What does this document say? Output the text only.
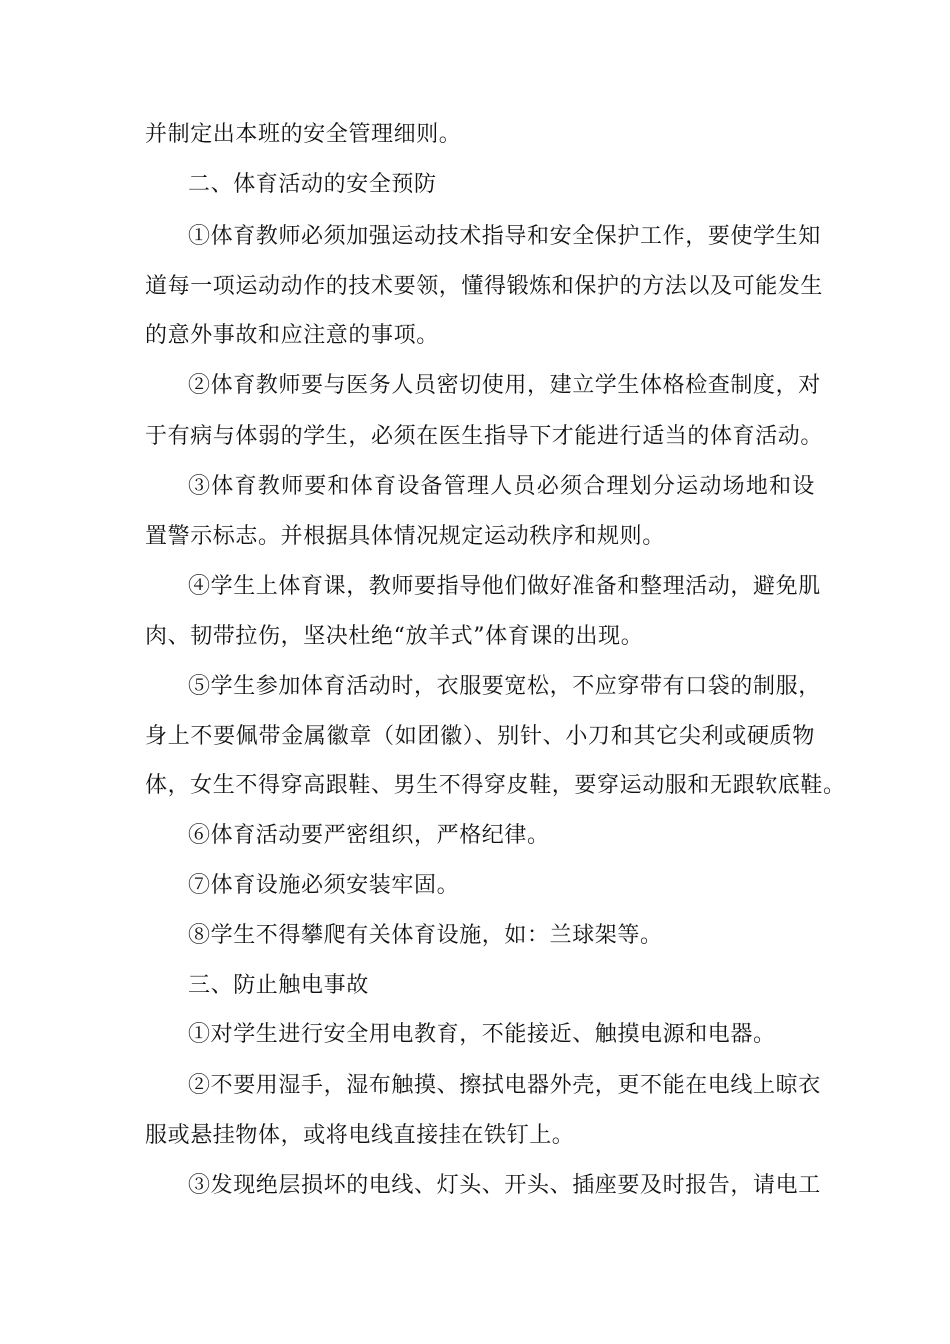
并制定出本班的安全管理细则。
二、体育活动的安全预防
①体育教师必须加强运动技术指导和安全保护工作，要使学生知
道每一项运动动作的技术要领，懂得锻炼和保护的方法以及可能发生
的意外事故和应注意的事项。
②体育教师要与医务人员密切使用，建立学生体格检查制度，对
于有病与体弱的学生，必须在医生指导下才能进行适当的体育活动。
③体育教师要和体育设备管理人员必须合理划分运动场地和设
置警示标志。并根据具体情况规定运动秩序和规则。
④学生上体育课，教师要指导他们做好准备和整理活动，避免肌
肉、韧带拉伤，坚决杜绝“放羊式”体育课的出现。
⑤学生参加体育活动时，衣服要宽松，不应穿带有口袋的制服，
身上不要佩带金属徽章（如团徽）、别针、小刀和其它尖利或硬质物
体，女生不得穿高跟鞋、男生不得穿皮鞋，要穿运动服和无跟软底鞋。
⑥体育活动要严密组织，严格纪律。
⑦体育设施必须安装牢固。
⑧学生不得攀爬有关体育设施，如：兰球架等。
三、防止触电事故
①对学生进行安全用电教育，不能接近、触摸电源和电器。
②不要用湿手，湿布触摸、擦拭电器外壳，更不能在电线上晾衣
服或悬挂物体，或将电线直接挂在铁钉上。
③发现绝层损坏的电线、灯头、开头、插座要及时报告，请电工
